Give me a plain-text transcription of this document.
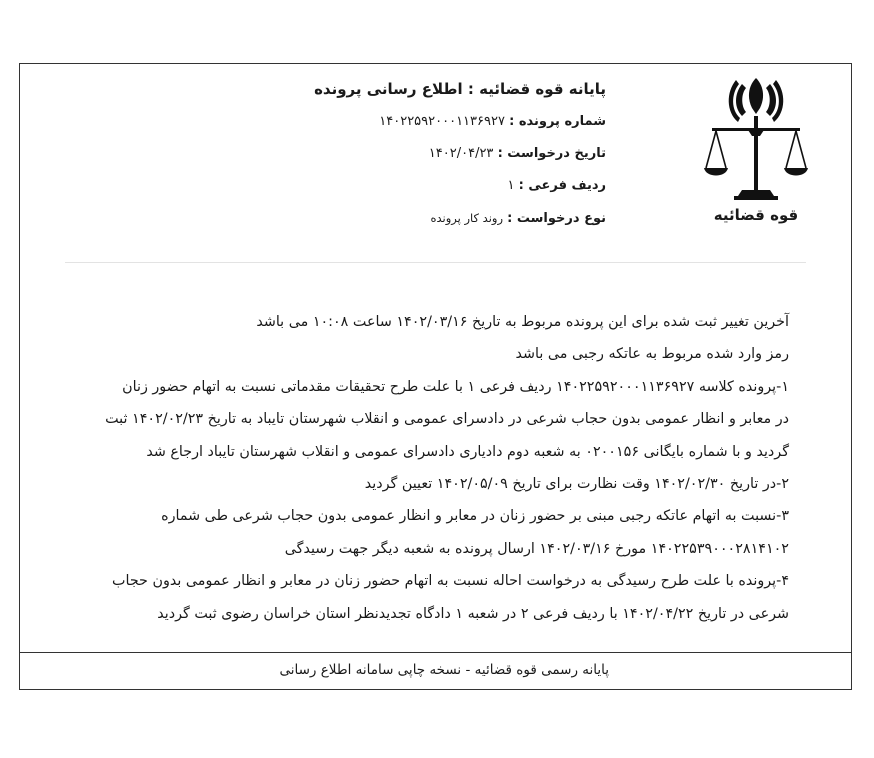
قوه قضائیه
پایانه قوه قضائیه : اطلاع رسانی پرونده
شماره پرونده : ۱۴۰۲۲۵۹۲۰۰۰۱۱۳۶۹۲۷
تاریخ درخواست : ۱۴۰۲/۰۴/۲۳
ردیف فرعی : ۱
نوع درخواست : روند کار پرونده
آخرین تغییر ثبت شده برای این پرونده مربوط به تاریخ ۱۴۰۲/۰۳/۱۶ ساعت ۱۰:۰۸ می باشد
رمز وارد شده مربوط به عاتکه رجبی می باشد
۱-پرونده کلاسه ۱۴۰۲۲۵۹۲۰۰۰۱۱۳۶۹۲۷ ردیف فرعی ۱ با علت طرح تحقیقات مقدماتی نسبت به اتهام حضور زنان
در معابر و انظار عمومی بدون حجاب شرعی در دادسرای عمومی و انقلاب شهرستان تایباد به تاریخ ۱۴۰۲/۰۲/۲۳ ثبت
گردید و با شماره بایگانی ۰۲۰۰۱۵۶ به شعبه دوم دادیاری دادسرای عمومی و انقلاب شهرستان تایباد ارجاع شد
۲-در تاریخ ۱۴۰۲/۰۲/۳۰ وقت نظارت برای تاریخ ۱۴۰۲/۰۵/۰۹ تعیین گردید
۳-نسبت به اتهام عاتکه رجبی مبنی بر حضور زنان در معابر و انظار عمومی بدون حجاب شرعی طی شماره
۱۴۰۲۲۵۳۹۰۰۰۲۸۱۴۱۰۲ مورخ ۱۴۰۲/۰۳/۱۶ ارسال پرونده به شعبه دیگر جهت رسیدگی
۴-پرونده با علت طرح رسیدگی به درخواست احاله نسبت به اتهام حضور زنان در معابر و انظار عمومی بدون حجاب
شرعی در تاریخ ۱۴۰۲/۰۴/۲۲ با ردیف فرعی ۲ در شعبه ۱ دادگاه تجدیدنظر استان خراسان رضوی ثبت گردید
پایانه رسمی قوه قضائیه - نسخه چاپی سامانه اطلاع رسانی
